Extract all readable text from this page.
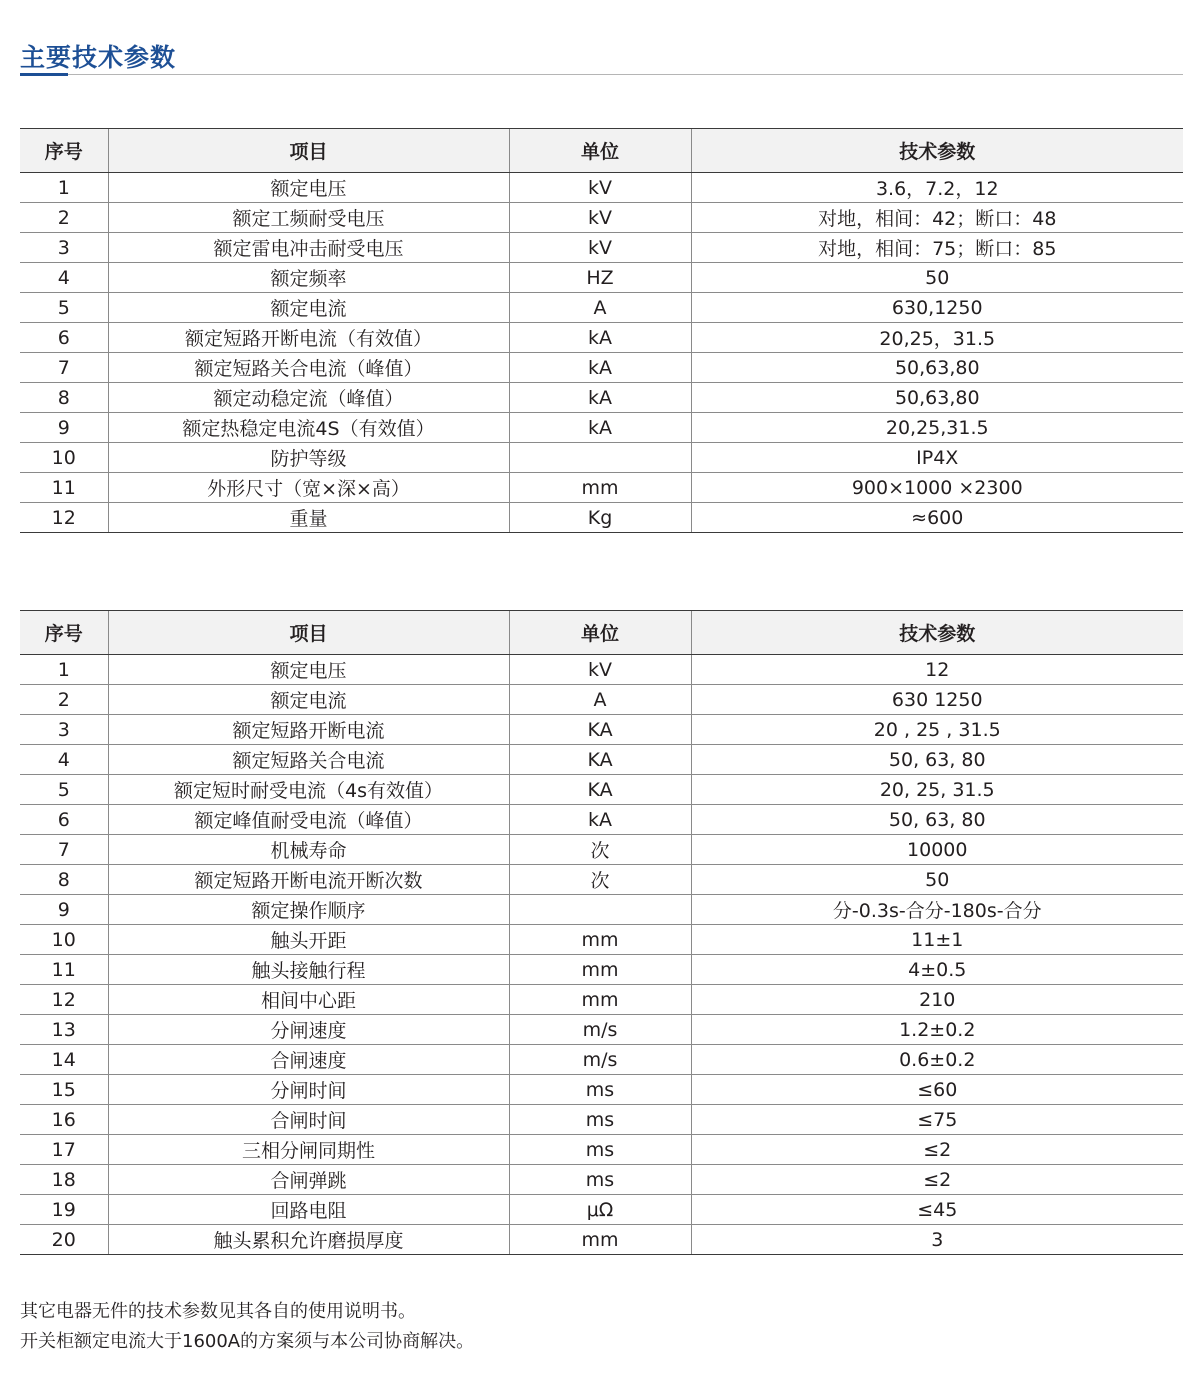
主要技术参数
序号	项目	单位	技术参数
1	额定电压	kV	3.6，7.2，12
2	额定工频耐受电压	kV	对地，相间：42；断口：48
3	额定雷电冲击耐受电压	kV	对地，相间：75；断口：85
4	额定频率	HZ	50
5	额定电流	A	630,1250
6	额定短路开断电流（有效值）	kA	20,25，31.5
7	额定短路关合电流（峰值）	kA	50,63,80
8	额定动稳定流（峰值）	kA	50,63,80
9	额定热稳定电流4S（有效值）	kA	20,25,31.5
10	防护等级		IP4X
11	外形尺寸（宽×深×高）	mm	900×1000 ×2300
12	重量	Kg	≈600
序号	项目	单位	技术参数
1	额定电压	kV	12
2	额定电流	A	630 1250
3	额定短路开断电流	KA	20 , 25 , 31.5
4	额定短路关合电流	KA	50, 63, 80
5	额定短时耐受电流（4s有效值）	KA	20, 25, 31.5
6	额定峰值耐受电流（峰值）	kA	50, 63, 80
7	机械寿命	次	10000
8	额定短路开断电流开断次数	次	50
9	额定操作顺序		分-0.3s-合分-180s-合分
10	触头开距	mm	11±1
11	触头接触行程	mm	4±0.5
12	相间中心距	mm	210
13	分闸速度	m/s	1.2±0.2
14	合闸速度	m/s	0.6±0.2
15	分闸时间	ms	≤60
16	合闸时间	ms	≤75
17	三相分闸同期性	ms	≤2
18	合闸弹跳	ms	≤2
19	回路电阻	μΩ	≤45
20	触头累积允许磨损厚度	mm	3

其它电器无件的技术参数见其各自的使用说明书。

开关柜额定电流大于1600A的方案须与本公司协商解决。
